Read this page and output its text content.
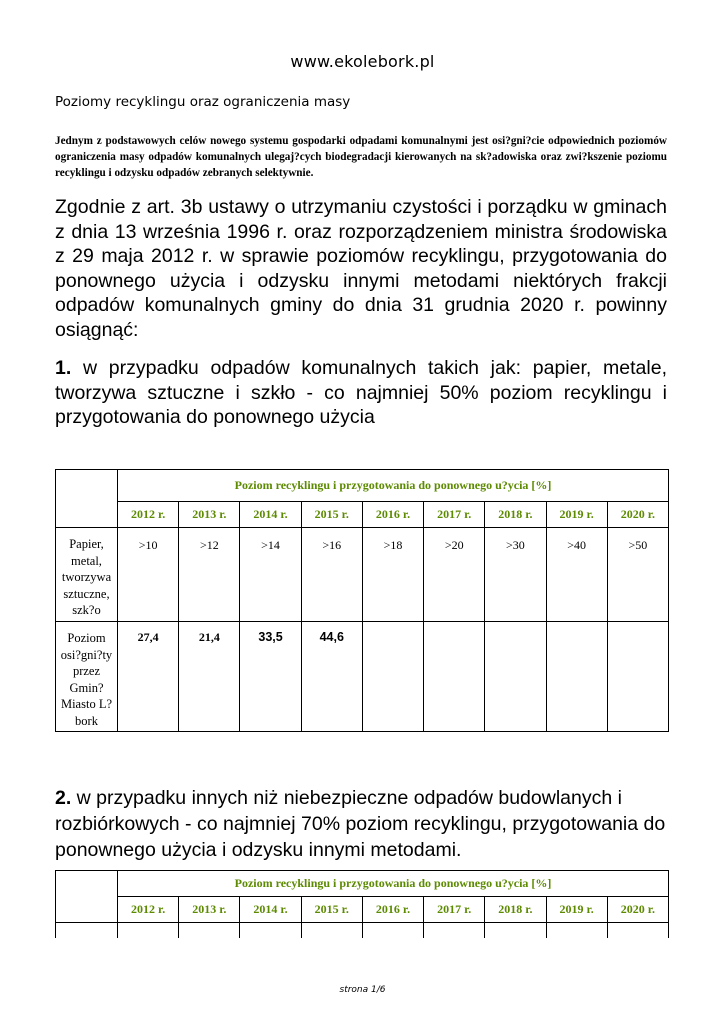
www.ekolebork.pl
Poziomy recyklingu oraz ograniczenia masy
Jednym z podstawowych celów nowego systemu gospodarki odpadami komunalnymi jest osi?gni?cie odpowiednich poziomów ograniczenia masy odpadów komunalnych ulegaj?cych biodegradacji kierowanych na sk?adowiska oraz zwi?kszenie poziomu recyklingu i odzysku odpadów zebranych selektywnie.
Zgodnie z art. 3b ustawy o utrzymaniu czystości i porządku w gminach z dnia 13 września 1996 r. oraz rozporządzeniem ministra środowiska z 29 maja 2012 r. w sprawie poziomów recyklingu, przygotowania do ponownego użycia i odzysku innymi metodami niektórych frakcji odpadów komunalnych gminy do dnia 31 grudnia 2020 r. powinny osiągnąć:
1. w przypadku odpadów komunalnych takich jak: papier, metale, tworzywa sztuczne i szkło - co najmniej 50% poziom recyklingu i przygotowania do ponownego użycia
	Poziom recyklingu i przygotowania do ponownego u?ycia [%]								
	2012 r.	2013 r.	2014 r.	2015 r.	2016 r.	2017 r.	2018 r.	2019 r.	2020 r.
Papier, metal, tworzywa sztuczne, szk?o	>10	>12	>14	>16	>18	>20	>30	>40	>50
Poziom osi?gni?ty przez Gmin? Miasto L?bork	27,4	21,4	33,5	44,6					
2. w przypadku innych niż niebezpieczne odpadów budowlanych i rozbiórkowych - co najmniej 70% poziom recyklingu, przygotowania do ponownego użycia i odzysku innymi metodami.
	Poziom recyklingu i przygotowania do ponownego u?ycia [%]								
	2012 r.	2013 r.	2014 r.	2015 r.	2016 r.	2017 r.	2018 r.	2019 r.	2020 r.

strona 1/6
